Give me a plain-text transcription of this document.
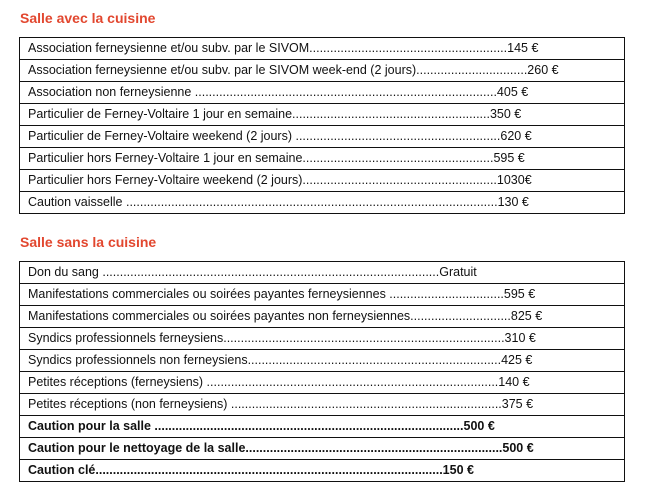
Salle avec la cuisine
Association ferneysienne et/ou subv. par le SIVOM.........................................................145 €
Association ferneysienne et/ou subv. par le SIVOM week-end (2 jours)................................260 €
Association non ferneysienne .......................................................................................405 €
Particulier de Ferney-Voltaire 1 jour en semaine.........................................................350 €
Particulier de Ferney-Voltaire weekend (2 jours) ...........................................................620 €
Particulier hors Ferney-Voltaire 1 jour en semaine.......................................................595 €
Particulier hors Ferney-Voltaire weekend (2 jours)........................................................1030€
Caution vaisselle ...........................................................................................................130 €
Salle sans la cuisine
Don du sang .................................................................................................Gratuit
Manifestations commerciales ou soirées payantes ferneysiennes .................................595 €
Manifestations commerciales ou soirées payantes non ferneysiennes.............................825 €
Syndics professionnels ferneysiens.................................................................................310 €
Syndics professionnels non ferneysiens.........................................................................425 €
Petites réceptions (ferneysiens) ....................................................................................140 €
Petites réceptions (non ferneysiens) ..............................................................................375 €
Caution pour la salle .........................................................................................500 €
Caution pour le nettoyage de la salle..........................................................................500 €
Caution clé....................................................................................................150 €
